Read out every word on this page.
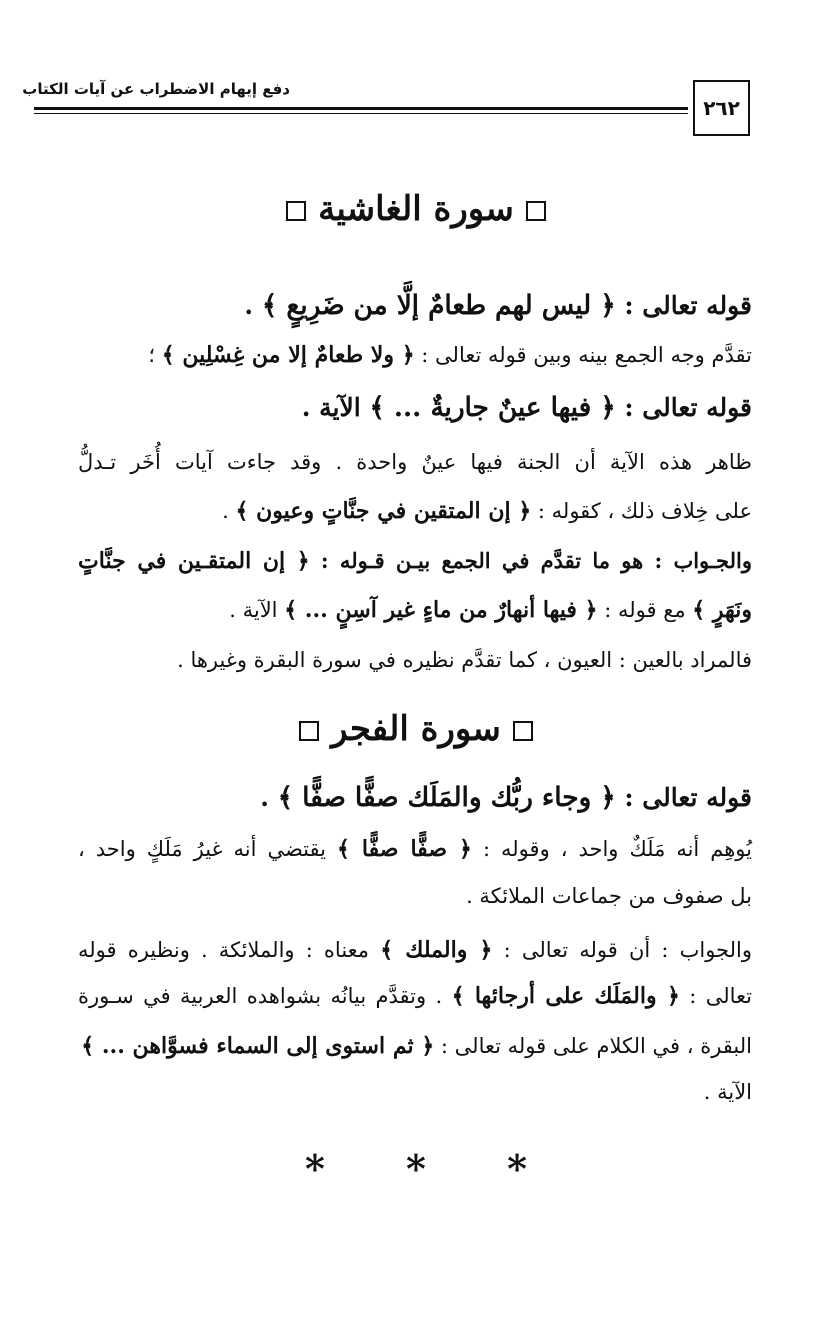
دفع إيهام الاضطراب عن آيات الكتاب
٢٦٢
سورة الغاشية
قوله تعالى : ﴿ ليس لهم طعامٌ إلَّا من ضَرِيعٍ ﴾ .
تقدَّم وجه الجمع بينه وبين قوله تعالى : ﴿ ولا طعامٌ إلا من غِسْلِين ﴾ ؛
قوله تعالى : ﴿ فيها عينٌ جاريةٌ ... ﴾ الآية .
ظاهر هذه الآية أن الجنة فيها عينٌ واحدة . وقد جاءت آيات أُخَر تـدلُّ
على خِلاف ذلك ، كقوله : ﴿ إن المتقين في جنَّاتٍ وعيون ﴾ .
والجـواب : هو ما تقدَّم في الجمع بيـن قـوله : ﴿ إن المتقـين في جنَّاتٍ
ونَهَرٍ ﴾ مع قوله : ﴿ فيها أنهارٌ من ماءٍ غير آسِنٍ ... ﴾ الآية .
فالمراد بالعين : العيون ، كما تقدَّم نظيره في سورة البقرة وغيرها .
سورة الفجر
قوله تعالى : ﴿ وجاء ربُّك والمَلَك صفًّا صفًّا ﴾ .
يُوهِم أنه مَلَكٌ واحد ، وقوله : ﴿ صفًّا صفًّا ﴾ يقتضي أنه غيرُ مَلَكٍ واحد ،
بل صفوف من جماعات الملائكة .
والجواب : أن قوله تعالى : ﴿ والملك ﴾ معناه : والملائكة . ونظيره قوله
تعالى : ﴿ والمَلَك على أرجائها ﴾ . وتقدَّم بيانُه بشواهده العربية في سـورة
البقرة ، في الكلام على قوله تعالى : ﴿ ثم استوى إلى السماء فسوَّاهن ... ﴾
الآية .
* * *
